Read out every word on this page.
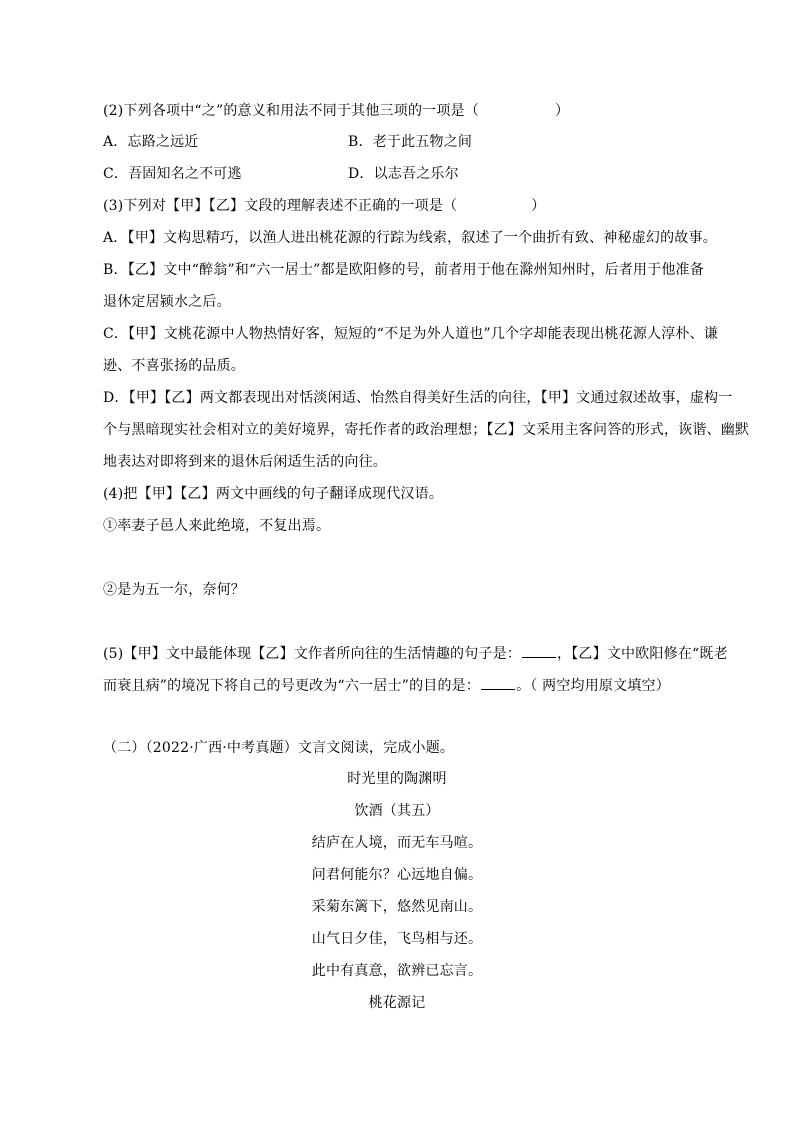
(2)下列各项中“之”的意义和用法不同于其他三项的一项是（	）
A．忘路之远近	B．老于此五物之间
C．吾固知名之不可逃	D．以志吾之乐尔
(3)下列对【甲】【乙】文段的理解表述不正确的一项是（	）
A．【甲】文构思精巧，以渔人进出桃花源的行踪为线索，叙述了一个曲折有致、神秘虚幻的故事。
B．【乙】文中“醉翁”和“六一居士”都是欧阳修的号，前者用于他在滁州知州时，后者用于他准备
退休定居颍水之后。
C．【甲】文桃花源中人物热情好客，短短的“不足为外人道也”几个字却能表现出桃花源人淳朴、谦
逊、不喜张扬的品质。
D．【甲】【乙】两文都表现出对恬淡闲适、怡然自得美好生活的向往，【甲】文通过叙述故事，虚构一
个与黑暗现实社会相对立的美好境界，寄托作者的政治理想；【乙】文采用主客问答的形式，诙谐、幽默
地表达对即将到来的退休后闲适生活的向往。
(4)把【甲】【乙】两文中画线的句子翻译成现代汉语。
①率妻子邑人来此绝境，不复出焉。
②是为五一尔，奈何？
(5)【甲】文中最能体现【乙】文作者所向往的生活情趣的句子是：	，【乙】文中欧阳修在“既老
而衰且病”的境况下将自己的号更改为“六一居士”的目的是：	。（ 两空均用原文填空）
（二）（2022·广西·中考真题）文言文阅读，完成小题。
时光里的陶渊明
饮酒（其五）
结庐在人境，而无车马喧。
问君何能尔？心远地自偏。
采菊东篱下，悠然见南山。
山气日夕佳，飞鸟相与还。
此中有真意，欲辨已忘言。
桃花源记
